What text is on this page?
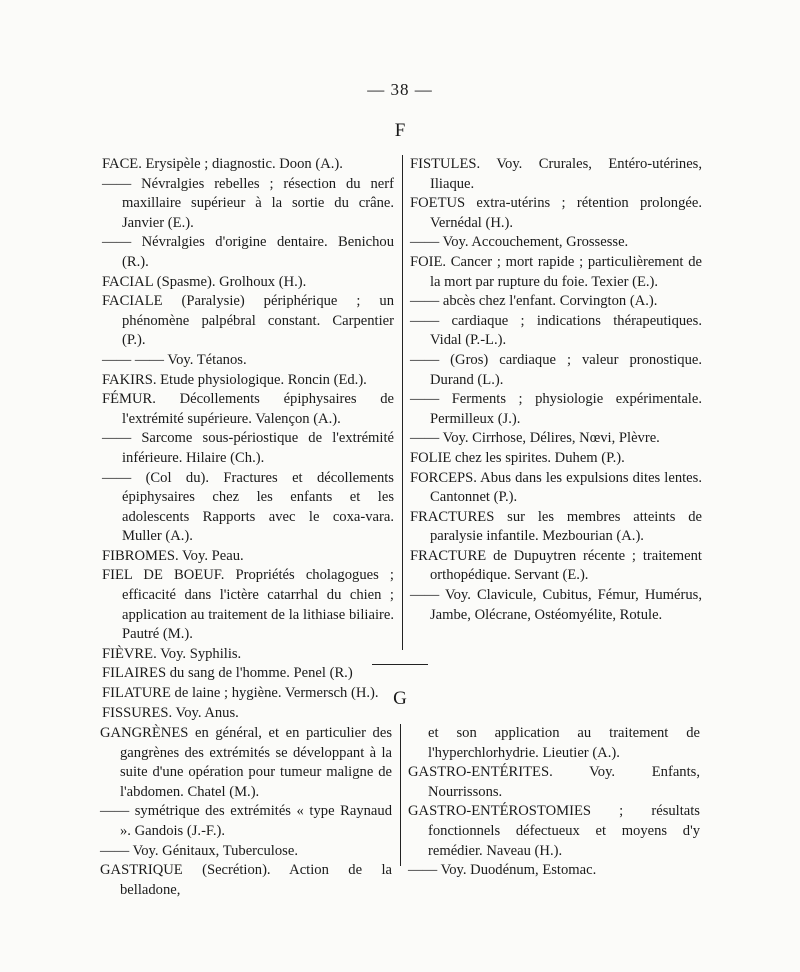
— 38 —
F

FACE. Erysipèle ; diagnostic. Doon (A.).

—— Névralgies rebelles ; résection du nerf maxillaire supérieur à la sortie du crâne. Janvier (E.).

—— Névralgies d'origine dentaire. Benichou (R.).

FACIAL (Spasme). Grolhoux (H.).

FACIALE (Paralysie) périphérique ; un phénomène palpébral constant. Carpentier (P.).

—— —— Voy. Tétanos.

FAKIRS. Etude physiologique. Roncin (Ed.).

FÉMUR. Décollements épiphysaires de l'extrémité supérieure. Valençon (A.).

—— Sarcome sous-périostique de l'extrémité inférieure. Hilaire (Ch.).

—— (Col du). Fractures et décollements épiphysaires chez les enfants et les adolescents Rapports avec le coxa-vara. Muller (A.).

FIBROMES. Voy. Peau.

FIEL DE BOEUF. Propriétés cholagogues ; efficacité dans l'ictère catarrhal du chien ; application au traitement de la lithiase biliaire. Pautré (M.).

FIÈVRE. Voy. Syphilis.

FILAIRES du sang de l'homme. Penel (R.)

FILATURE de laine ; hygiène. Vermersch (H.).

FISSURES. Voy. Anus.

FISTULES. Voy. Crurales, Entéro-utérines, Iliaque.

FOETUS extra-utérins ; rétention prolongée. Vernédal (H.).

—— Voy. Accouchement, Grossesse.

FOIE. Cancer ; mort rapide ; particulièrement de la mort par rupture du foie. Texier (E.).

—— abcès chez l'enfant. Corvington (A.).

—— cardiaque ; indications thérapeutiques. Vidal (P.-L.).

—— (Gros) cardiaque ; valeur pronostique. Durand (L.).

—— Ferments ; physiologie expérimentale. Permilleux (J.).

—— Voy. Cirrhose, Délires, Nœvi, Plèvre.

FOLIE chez les spirites. Duhem (P.).

FORCEPS. Abus dans les expulsions dites lentes. Cantonnet (P.).

FRACTURES sur les membres atteints de paralysie infantile. Mezbourian (A.).

FRACTURE de Dupuytren récente ; traitement orthopédique. Servant (E.).

—— Voy. Clavicule, Cubitus, Fémur, Humérus, Jambe, Olécrane, Ostéomyélite, Rotule.

G

GANGRÈNES en général, et en particulier des gangrènes des extrémités se développant à la suite d'une opération pour tumeur maligne de l'abdomen. Chatel (M.).

—— symétrique des extrémités « type Raynaud ». Gandois (J.-F.).

—— Voy. Génitaux, Tuberculose.

GASTRIQUE (Secrétion). Action de la belladone,

et son application au traitement de l'hyperchlorhydrie. Lieutier (A.).

GASTRO-ENTÉRITES. Voy. Enfants, Nourrissons.

GASTRO-ENTÉROSTOMIES ; résultats fonctionnels défectueux et moyens d'y remédier. Naveau (H.).

—— Voy. Duodénum, Estomac.
